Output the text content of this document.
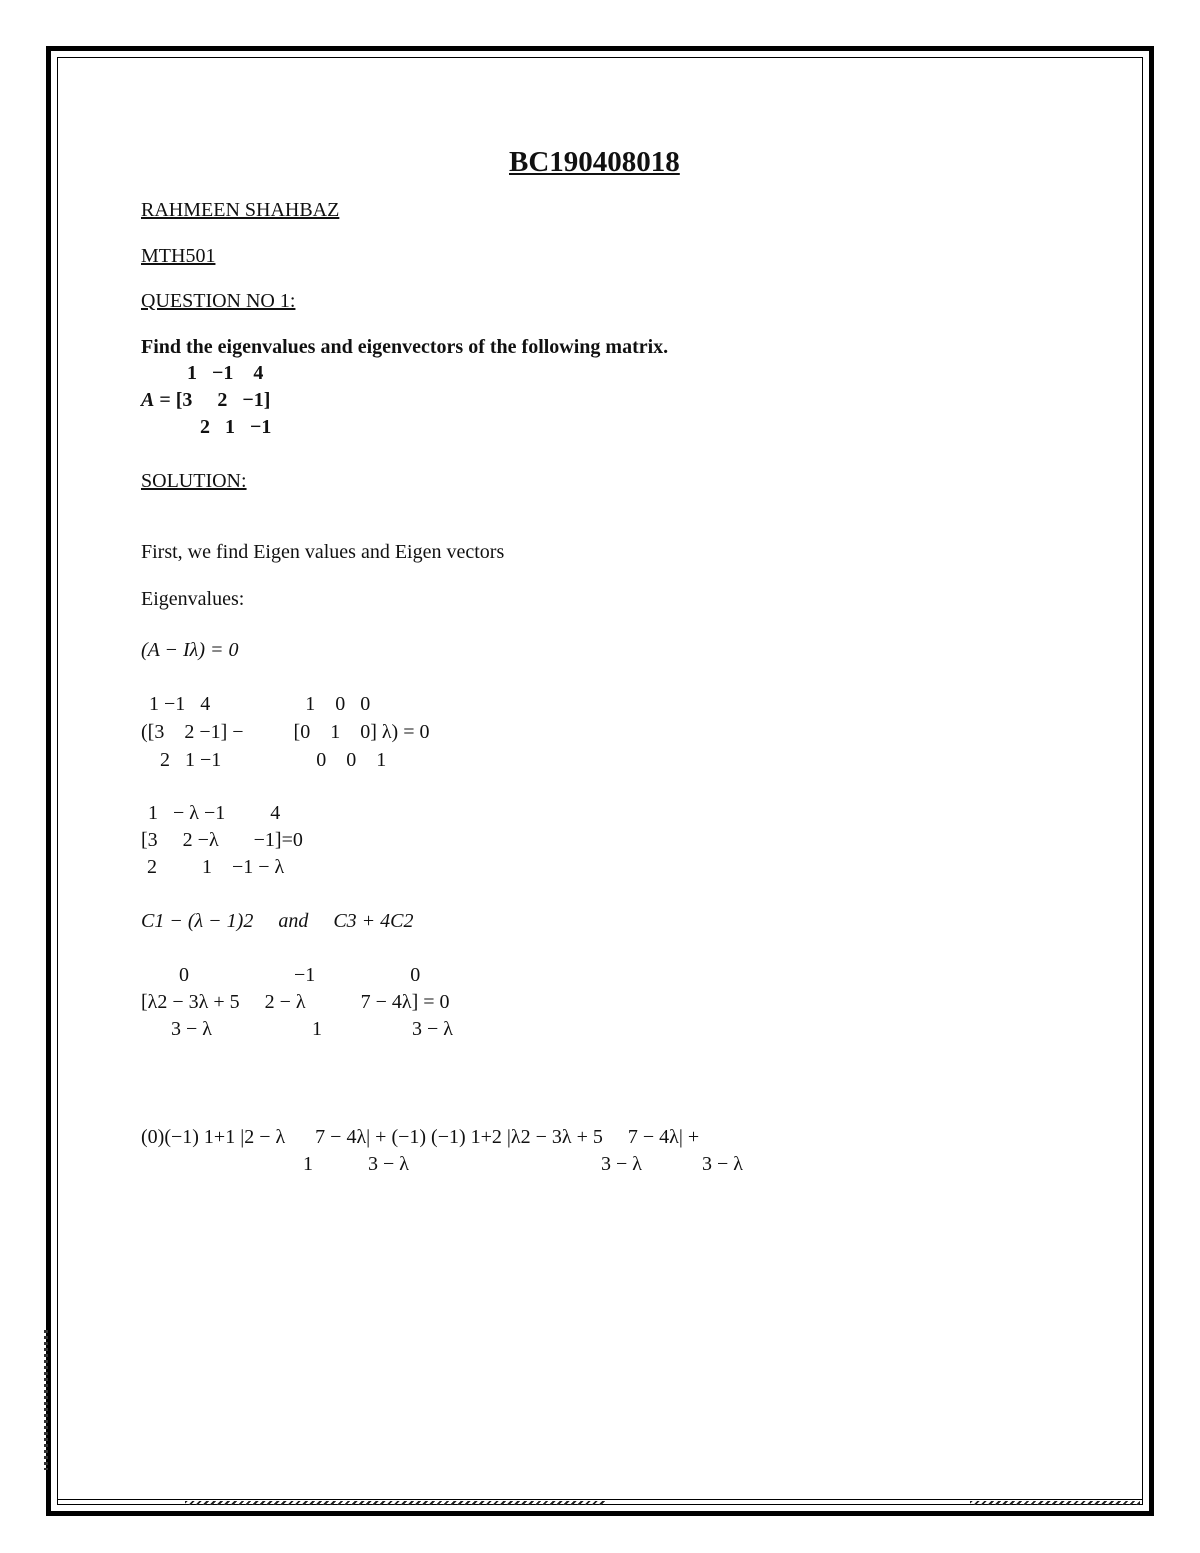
BC190408018
RAHMEEN SHAHBAZ
MTH501
QUESTION NO 1:
Find the eigenvalues and eigenvectors of the following matrix.
1   −1    4
A = [3     2   −1]
2   1   −1
SOLUTION:
First, we find Eigen values and Eigen vectors
Eigenvalues:
(A − Iλ) = 0
1 −1   4                   1    0   0
([3    2 −1] −          [0    1    0] λ) = 0
2   1 −1                   0    0    1
1   − λ −1         4
[3     2 −λ       −1]=0
2         1    −1 − λ
C1 − (λ − 1)2     and     C3 + 4C2
0                     −1                   0
[λ2 − 3λ + 5     2 − λ           7 − 4λ] = 0
3 − λ                    1                  3 − λ
(0)(−1) 1+1 |2 − λ      7 − 4λ| + (−1) (−1) 1+2 |λ2 − 3λ + 5     7 − 4λ| +
1           3 − λ	3 − λ            3 − λ
